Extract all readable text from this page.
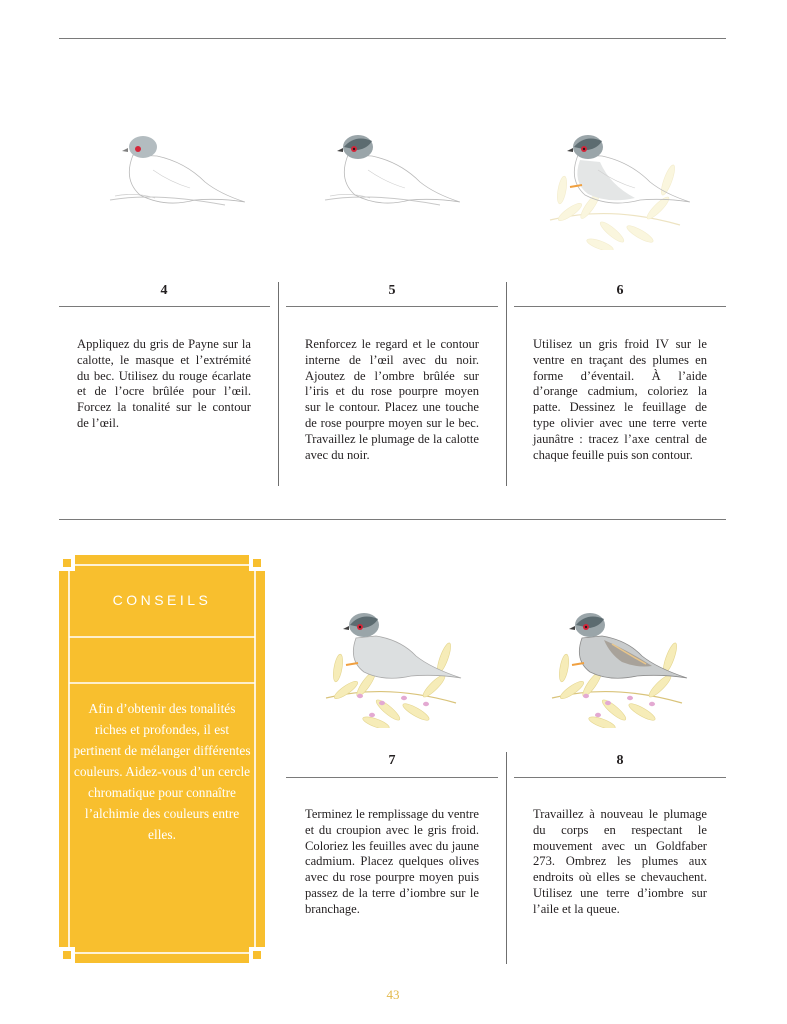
4	5	6
Appliquez du gris de Payne sur la calotte, le masque et l’extrémité du bec. Utilisez du rouge écarlate et de l’ocre brûlée pour l’œil. Forcez la tonalité sur le contour de l’œil.
Renforcez le regard et le contour interne de l’œil avec du noir. Ajoutez de l’ombre brûlée sur l’iris et du rose pourpre moyen sur le contour. Placez une touche de rose pourpre moyen sur le bec. Travaillez le plumage de la calotte avec du noir.
Utilisez un gris froid IV sur le ventre en traçant des plumes en forme d’éventail. À l’aide d’orange cadmium, coloriez la patte. Dessinez le feuillage de type olivier avec une terre verte jaunâtre : tracez l’axe central de chaque feuille puis son contour.
CONSEILS
Afin d’obtenir des tonalités riches et profondes, il est pertinent de mélanger différentes couleurs. Aidez-vous d’un cercle chromatique pour connaître l’alchimie des couleurs entre elles.
7	8
Terminez le remplissage du ventre et du croupion avec le gris froid. Coloriez les feuilles avec du jaune cadmium. Placez quelques olives avec du rose pourpre moyen puis passez de la terre d’iombre sur le branchage.
Travaillez à nouveau le plumage du corps en respectant le mouvement avec un Goldfaber 273. Ombrez les plumes aux endroits où elles se chevauchent. Utilisez une terre d’iombre sur l’aile et la queue.
43
